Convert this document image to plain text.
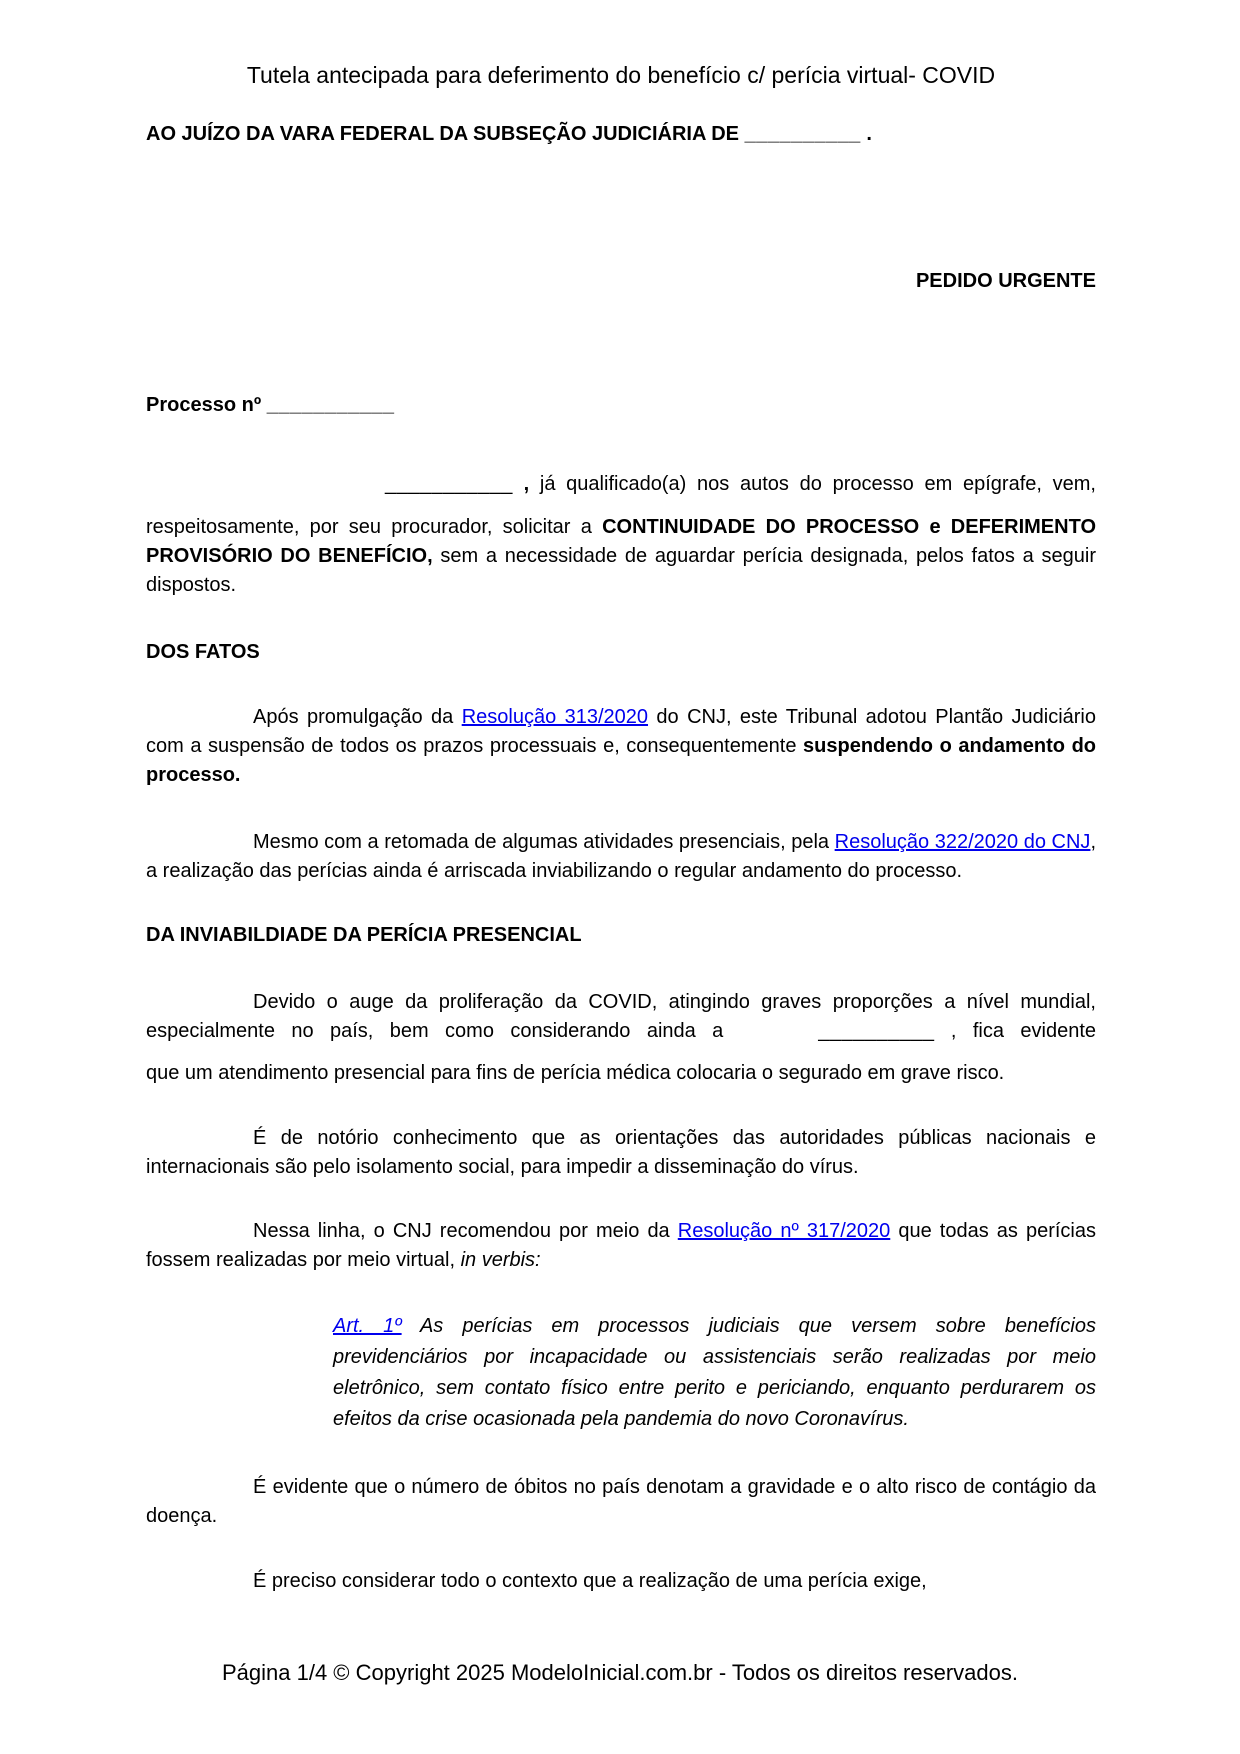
Tutela antecipada para deferimento do benefício c/ perícia virtual- COVID
AO JUÍZO DA VARA FEDERAL DA SUBSEÇÃO JUDICIÁRIA DE __________ .
PEDIDO URGENTE
Processo nº ___________

___________ , já qualificado(a) nos autos do processo em epígrafe, vem,

respeitosamente, por seu procurador, solicitar a CONTINUIDADE DO PROCESSO e DEFERIMENTO PROVISÓRIO DO BENEFÍCIO, sem a necessidade de aguardar perícia designada, pelos fatos a seguir dispostos.

DOS FATOS

Após promulgação da Resolução 313/2020 do CNJ, este Tribunal adotou Plantão Judiciário com a suspensão de todos os prazos processuais e, consequentemente suspendendo o andamento do processo.

Mesmo com a retomada de algumas atividades presenciais, pela Resolução 322/2020 do CNJ, a realização das perícias ainda é arriscada inviabilizando o regular andamento do processo.

DA INVIABILDIADE DA PERÍCIA PRESENCIAL

Devido o auge da proliferação da COVID, atingindo graves proporções a nível mundial, especialmente no país, bem como considerando ainda a	__________ , fica evidente

que um atendimento presencial para fins de perícia médica colocaria o segurado em grave risco.

É de notório conhecimento que as orientações das autoridades públicas nacionais e internacionais são pelo isolamento social, para impedir a disseminação do vírus.

Nessa linha, o CNJ recomendou por meio da Resolução nº 317/2020 que todas as perícias fossem realizadas por meio virtual, in verbis:

Art. 1º As perícias em processos judiciais que versem sobre benefícios previdenciários por incapacidade ou assistenciais serão realizadas por meio eletrônico, sem contato físico entre perito e periciando, enquanto perdurarem os efeitos da crise ocasionada pela pandemia do novo Coronavírus.

É evidente que o número de óbitos no país denotam a gravidade e o alto risco de contágio da doença.

É preciso considerar todo o contexto que a realização de uma perícia exige,

Página 1/4 © Copyright 2025 ModeloInicial.com.br - Todos os direitos reservados.
